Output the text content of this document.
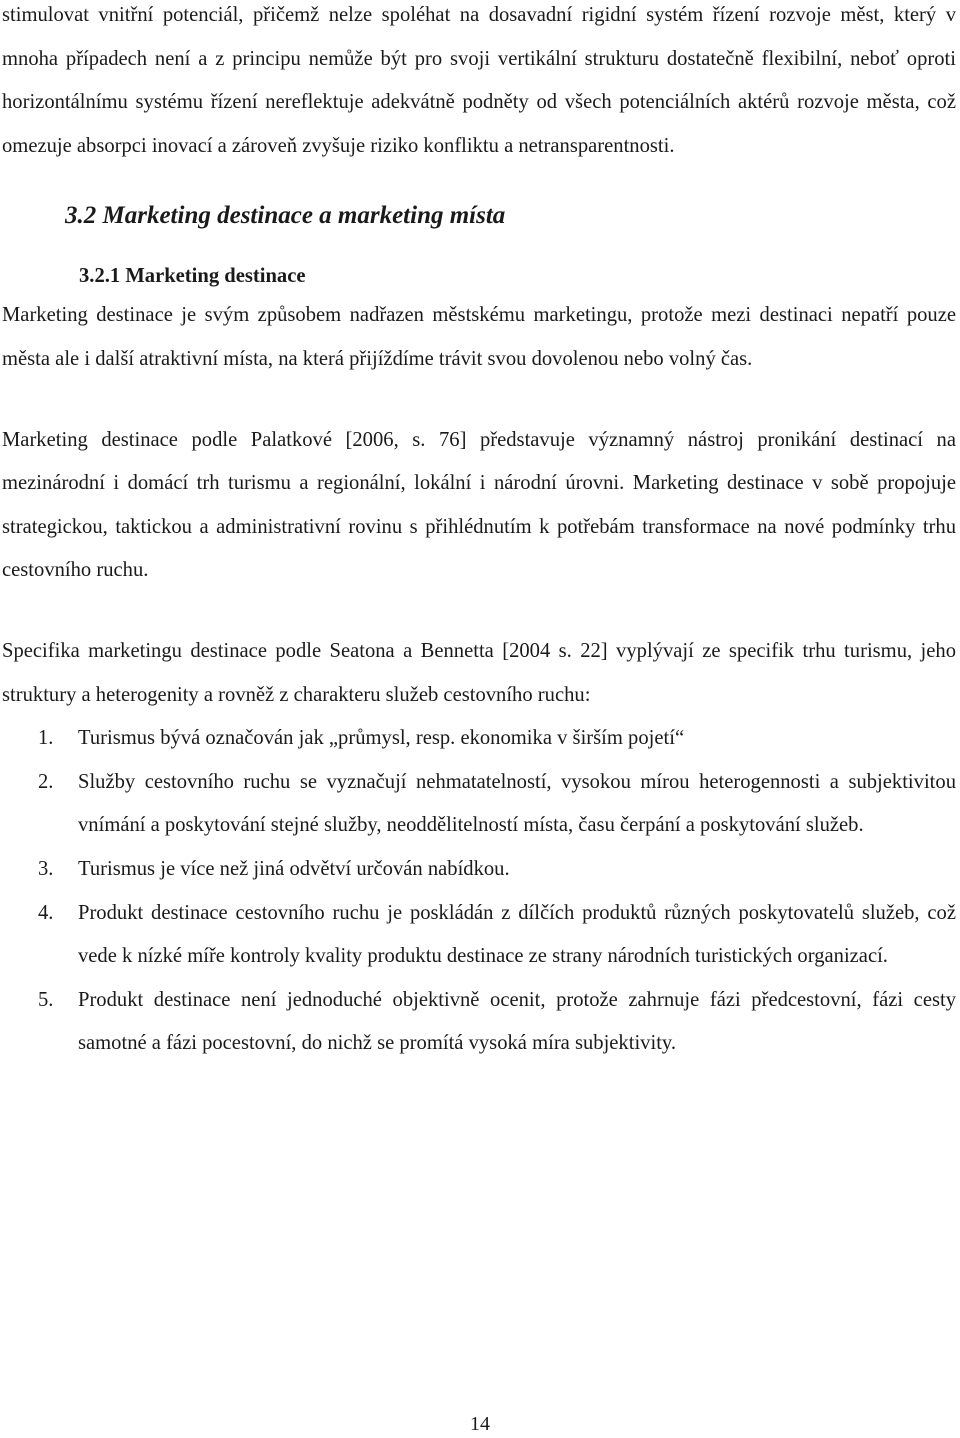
stimulovat vnitřní potenciál, přičemž nelze spoléhat na dosavadní rigidní systém řízení rozvoje měst, který v mnoha případech není a z principu nemůže být pro svoji vertikální strukturu dostatečně flexibilní, neboť oproti horizontálnímu systému řízení nereflektuje adekvátně podněty od všech potenciálních aktérů rozvoje města, což omezuje absorpci inovací a zároveň zvyšuje riziko konfliktu a netransparentnosti.

3.2 Marketing destinace a marketing místa
3.2.1 Marketing destinace

Marketing destinace je svým způsobem nadřazen městskému marketingu, protože mezi destinaci nepatří pouze města ale i další atraktivní místa, na která přijíždíme trávit svou dovolenou nebo volný čas.

Marketing destinace podle Palatkové [2006, s. 76] představuje významný nástroj pronikání destinací na mezinárodní i domácí trh turismu a regionální, lokální i národní úrovni. Marketing destinace v sobě propojuje strategickou, taktickou a administrativní rovinu s přihlédnutím k potřebám transformace na nové podmínky trhu cestovního ruchu.

Specifika marketingu destinace podle Seatona a Bennetta [2004 s. 22] vyplývají ze specifik trhu turismu, jeho struktury a heterogenity a rovněž z charakteru služeb cestovního ruchu:

1. Turismus bývá označován jak „průmysl, resp. ekonomika v širším pojetí“
2. Služby cestovního ruchu se vyznačují nehmatatelností, vysokou mírou heterogennosti a subjektivitou vnímání a poskytování stejné služby, neoddělitelností místa, času čerpání a poskytování služeb.
3. Turismus je více než jiná odvětví určován nabídkou.
4. Produkt destinace cestovního ruchu je poskládán z dílčích produktů různých poskytovatelů služeb, což vede k nízké míře kontroly kvality produktu destinace ze strany národních turistických organizací.
5. Produkt destinace není jednoduché objektivně ocenit, protože zahrnuje fázi předcestovní, fázi cesty samotné a fázi pocestovní, do nichž se promítá vysoká míra subjektivity.
14
